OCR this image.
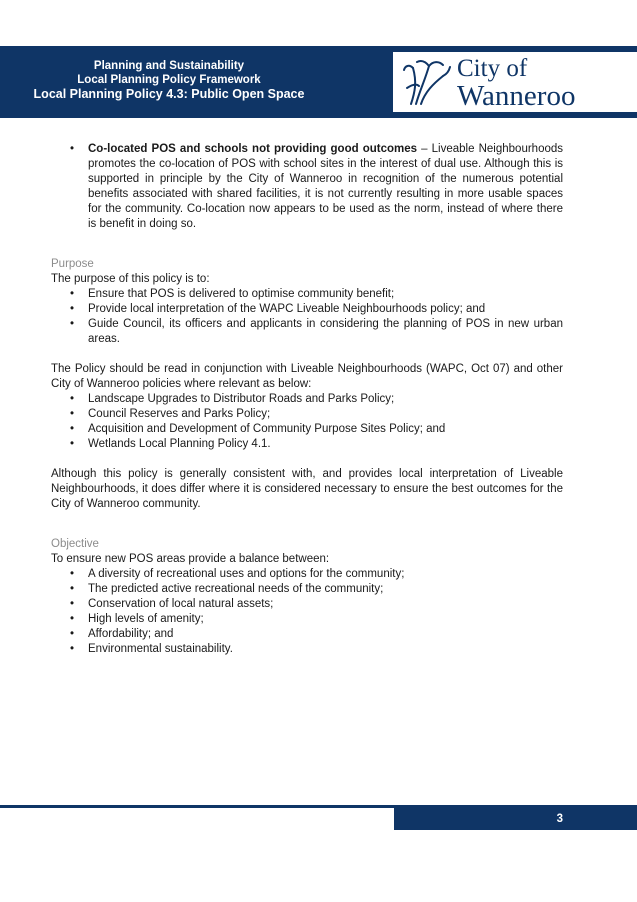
Planning and Sustainability
Local Planning Policy Framework
Local Planning Policy 4.3: Public Open Space
City of
Wanneroo
• Co-located POS and schools not providing good outcomes – Liveable Neighbourhoods promotes the co-location of POS with school sites in the interest of dual use. Although this is supported in principle by the City of Wanneroo in recognition of the numerous potential benefits associated with shared facilities, it is not currently resulting in more usable spaces for the community. Co-location now appears to be used as the norm, instead of where there is benefit in doing so.
Purpose

The purpose of this policy is to:

• Ensure that POS is delivered to optimise community benefit;
• Provide local interpretation of the WAPC Liveable Neighbourhoods policy; and
• Guide Council, its officers and applicants in considering the planning of POS in new urban areas.

The Policy should be read in conjunction with Liveable Neighbourhoods (WAPC, Oct 07) and other City of Wanneroo policies where relevant as below:

• Landscape Upgrades to Distributor Roads and Parks Policy;
• Council Reserves and Parks Policy;
• Acquisition and Development of Community Purpose Sites Policy; and
• Wetlands Local Planning Policy 4.1.

Although this policy is generally consistent with, and provides local interpretation of Liveable Neighbourhoods, it does differ where it is considered necessary to ensure the best outcomes for the City of Wanneroo community.

Objective

To ensure new POS areas provide a balance between:

• A diversity of recreational uses and options for the community;
• The predicted active recreational needs of the community;
• Conservation of local natural assets;
• High levels of amenity;
• Affordability; and
• Environmental sustainability.
3
